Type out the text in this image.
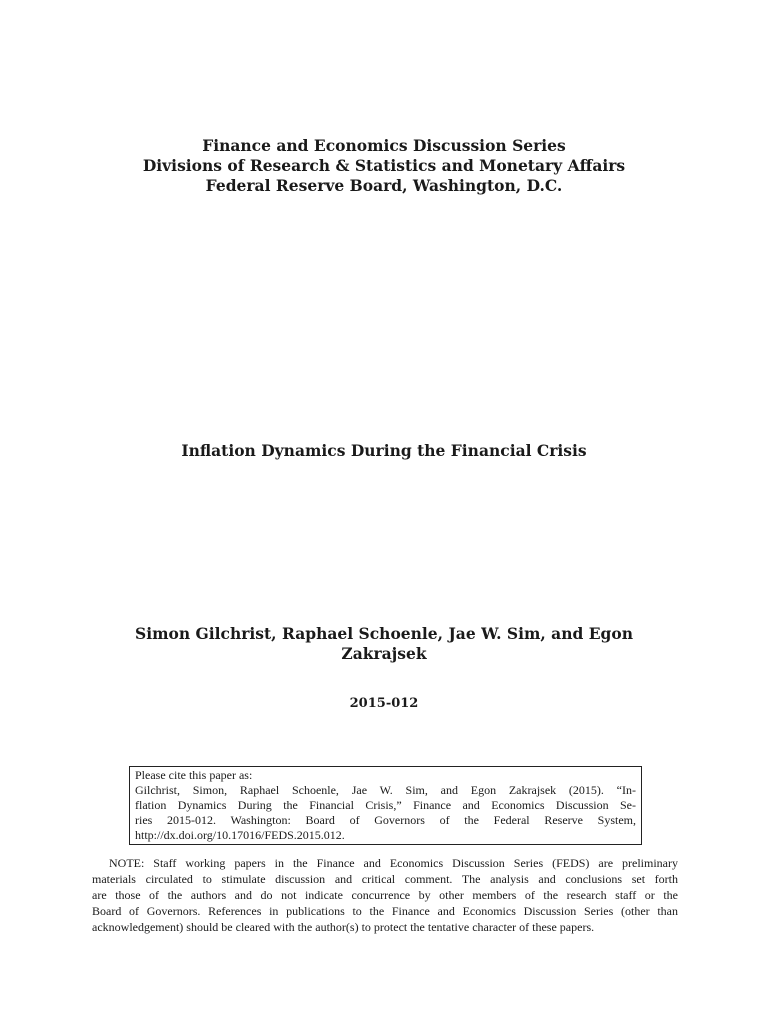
Finance and Economics Discussion Series
Divisions of Research & Statistics and Monetary Affairs
Federal Reserve Board, Washington, D.C.
Inflation Dynamics During the Financial Crisis
Simon Gilchrist, Raphael Schoenle, Jae W. Sim, and Egon Zakrajsek
2015-012
Please cite this paper as:
Gilchrist, Simon, Raphael Schoenle, Jae W. Sim, and Egon Zakrajsek (2015). “In-
flation Dynamics During the Financial Crisis,” Finance and Economics Discussion Se-
ries 2015-012. Washington: Board of Governors of the Federal Reserve System,
http://dx.doi.org/10.17016/FEDS.2015.012.
NOTE: Staff working papers in the Finance and Economics Discussion Series (FEDS) are preliminary
materials circulated to stimulate discussion and critical comment. The analysis and conclusions set forth
are those of the authors and do not indicate concurrence by other members of the research staff or the
Board of Governors. References in publications to the Finance and Economics Discussion Series (other than
acknowledgement) should be cleared with the author(s) to protect the tentative character of these papers.
